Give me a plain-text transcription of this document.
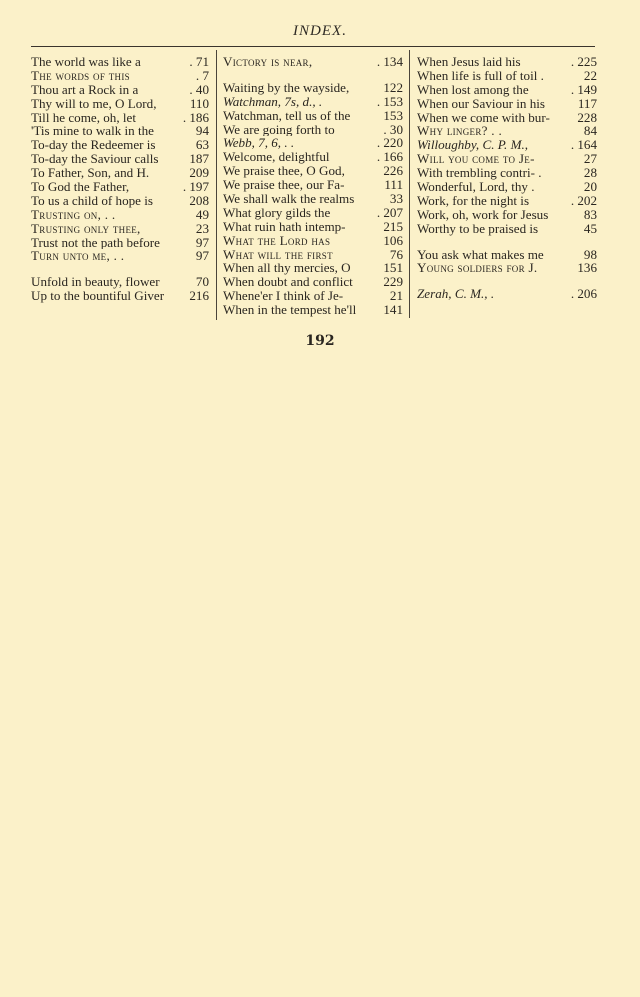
INDEX.
The world was like a	. 71
The words of this	. 7
Thou art a Rock in a	. 40
Thy will to me, O Lord,	110
Till he come, oh, let	. 186
'Tis mine to walk in the	94
To-day the Redeemer is	63
To-day the Saviour calls 187
To Father, Son, and H.	209
To God the Father,	. 197
To us a child of hope is	208
Trusting on, . .	49
Trusting only thee,	23
Trust not the path before	97
Turn unto me, . .	97
Unfold in beauty, flower	70
Up to the bountiful Giver 216
Victory is near,	. 134
Waiting by the wayside,	122
Watchman, 7s, d., .	. 153
Watchman, tell us of the	153
We are going forth to	. 30
Webb, 7, 6, . .	. 220
Welcome, delightful	. 166
We praise thee, O God,	226
We praise thee, our Fa-	111
We shall walk the realms	33
What glory gilds the	. 207
What ruin hath intemp-	215
What the Lord has	106
What will the first	76
When all thy mercies, O 151
When doubt and conflict 229
Whene'er I think of Je-	21
When in the tempest he'll 141
When Jesus laid his	. 225
When life is full of toil .	22
When lost among the	. 149
When our Saviour in his	117
When we come with bur- 228
Why linger? . .	84
Willoughby, C. P. M.,	. 164
Will you come to Je-	27
With trembling contri- .	28
Wonderful, Lord, thy .	20
Work, for the night is	. 202
Work, oh, work for Jesus	83
Worthy to be praised is	45
You ask what makes me	98
Young soldiers for J.	136
Zerah, C. M., .	. 206
192
